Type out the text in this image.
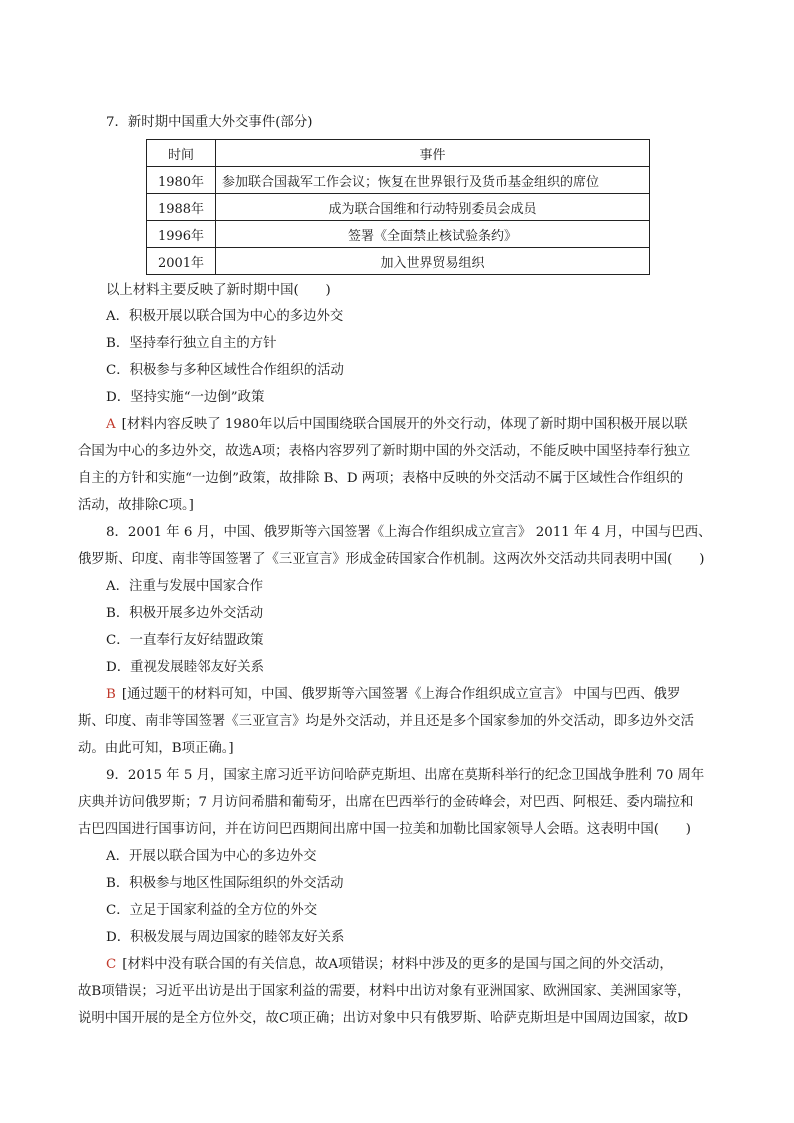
7．新时期中国重大外交事件(部分)
时间	事件
1980年	参加联合国裁军工作会议；恢复在世界银行及货币基金组织的席位
1988年	成为联合国维和行动特别委员会成员
1996年	签署《全面禁止核试验条约》
2001年	加入世界贸易组织
以上材料主要反映了新时期中国(　　)
A．积极开展以联合国为中心的多边外交
B．坚持奉行独立自主的方针
C．积极参与多种区域性合作组织的活动
D．坚持实施“一边倒”政策
A [材料内容反映了 1980年以后中国围绕联合国展开的外交行动，体现了新时期中国积极开展以联
合国为中心的多边外交，故选A项；表格内容罗列了新时期中国的外交活动，不能反映中国坚持奉行独立
自主的方针和实施“一边倒”政策，故排除 B、D 两项；表格中反映的外交活动不属于区域性合作组织的
活动，故排除C项。]
8．2001 年 6 月，中国、俄罗斯等六国签署《上海合作组织成立宣言》 2011 年 4 月，中国与巴西、
俄罗斯、印度、南非等国签署了《三亚宣言》形成金砖国家合作机制。这两次外交活动共同表明中国(　　)
A．注重与发展中国家合作
B．积极开展多边外交活动
C．一直奉行友好结盟政策
D．重视发展睦邻友好关系
B [通过题干的材料可知，中国、俄罗斯等六国签署《上海合作组织成立宣言》 中国与巴西、俄罗
斯、印度、南非等国签署《三亚宣言》均是外交活动，并且还是多个国家参加的外交活动，即多边外交活
动。由此可知，B项正确。]
9．2015 年 5 月，国家主席习近平访问哈萨克斯坦、出席在莫斯科举行的纪念卫国战争胜利 70 周年
庆典并访问俄罗斯；7 月访问希腊和葡萄牙，出席在巴西举行的金砖峰会，对巴西、阿根廷、委内瑞拉和
古巴四国进行国事访问，并在访问巴西期间出席中国一拉美和加勒比国家领导人会晤。这表明中国(　　)
A．开展以联合国为中心的多边外交
B．积极参与地区性国际组织的外交活动
C．立足于国家利益的全方位的外交
D．积极发展与周边国家的睦邻友好关系
C [材料中没有联合国的有关信息，故A项错误；材料中涉及的更多的是国与国之间的外交活动，
故B项错误；习近平出访是出于国家利益的需要，材料中出访对象有亚洲国家、欧洲国家、美洲国家等，
说明中国开展的是全方位外交，故C项正确；出访对象中只有俄罗斯、哈萨克斯坦是中国周边国家，故D
